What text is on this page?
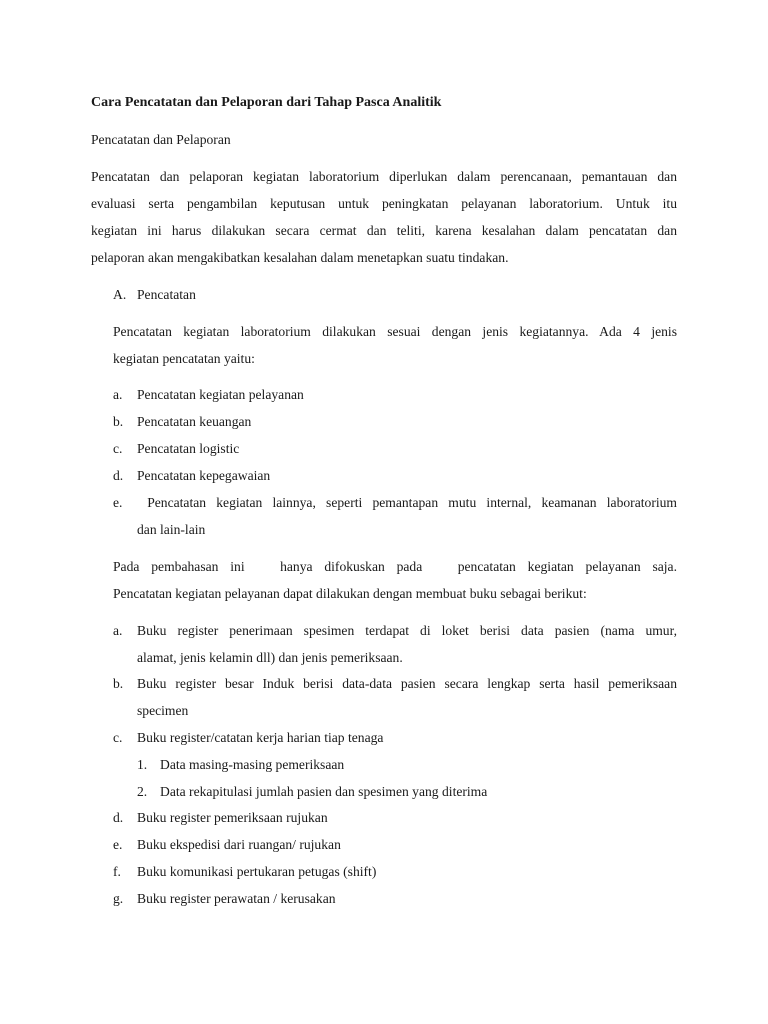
Cara Pencatatan dan Pelaporan dari Tahap Pasca Analitik
Pencatatan dan Pelaporan
Pencatatan dan pelaporan kegiatan laboratorium diperlukan dalam perencanaan, pemantauan dan
evaluasi serta pengambilan keputusan untuk peningkatan pelayanan laboratorium. Untuk itu
kegiatan ini harus dilakukan secara cermat dan teliti, karena kesalahan dalam pencatatan dan
pelaporan akan mengakibatkan kesalahan dalam menetapkan suatu tindakan.
A. Pencatatan
Pencatatan kegiatan laboratorium dilakukan sesuai dengan jenis kegiatannya. Ada 4 jenis
kegiatan pencatatan yaitu:
a. Pencatatan kegiatan pelayanan
b. Pencatatan keuangan
c. Pencatatan logistic
d. Pencatatan kepegawaian
e. Pencatatan kegiatan lainnya, seperti pemantapan mutu internal, keamanan laboratorium
dan lain-lain
Pada pembahasan ini   hanya difokuskan pada   pencatatan kegiatan pelayanan saja.
Pencatatan kegiatan pelayanan dapat dilakukan dengan membuat buku sebagai berikut:
a. Buku register penerimaan spesimen terdapat di loket berisi data pasien (nama umur,
alamat, jenis kelamin dll) dan jenis pemeriksaan.
b. Buku register besar Induk berisi data-data pasien secara lengkap serta hasil pemeriksaan
specimen
c. Buku register/catatan kerja harian tiap tenaga
1. Data masing-masing pemeriksaan
2. Data rekapitulasi jumlah pasien dan spesimen yang diterima
d. Buku register pemeriksaan rujukan
e. Buku ekspedisi dari ruangan/ rujukan
f. Buku komunikasi pertukaran petugas (shift)
g. Buku register perawatan / kerusakan
